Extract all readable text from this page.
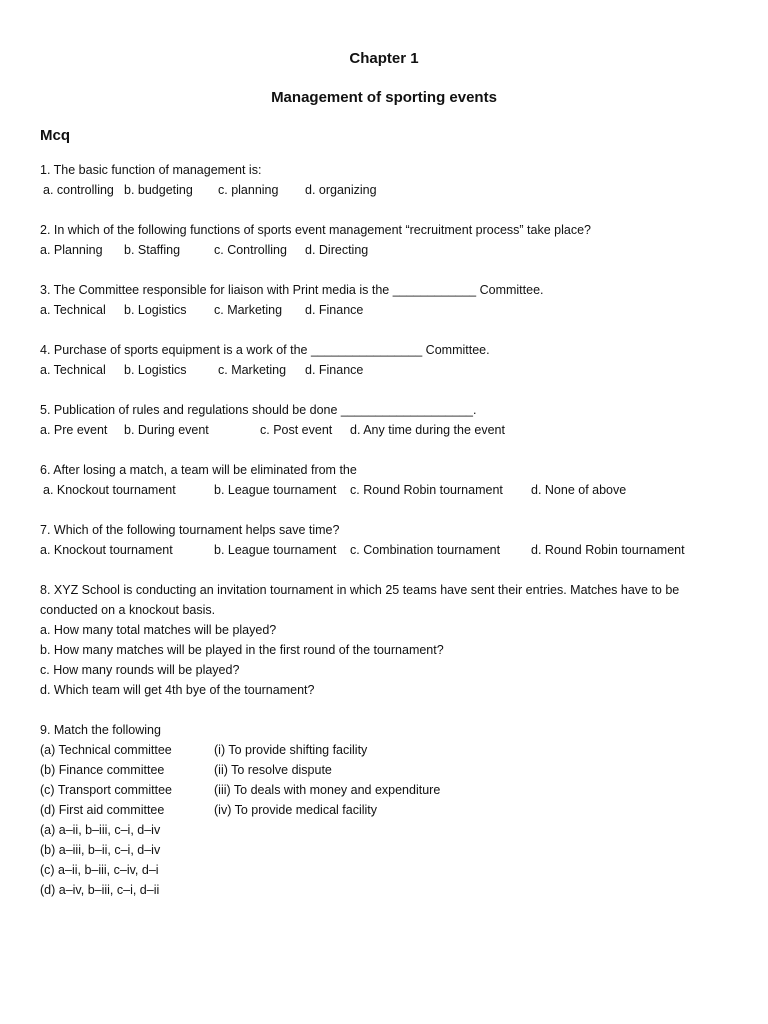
Chapter 1
Management of sporting events
Mcq
1. The basic function of management is:
a. controlling b. budgeting c. planning d. organizing
2. In which of the following functions of sports event management “recruitment process” take place?
a. Planning b. Staffing	c. Controlling d. Directing
3. The Committee responsible for liaison with Print media is the ____________ Committee.
a. Technical b. Logistics c. Marketing d. Finance
4. Purchase of sports equipment is a work of the ________________ Committee.
a. Technical b. Logistics	c. Marketing d. Finance
5. Publication of rules and regulations should be done ___________________.
a. Pre event b. During event	c. Post event d. Any time during the event
6. After losing a match, a team will be eliminated from the
a. Knockout tournament	b. League tournament c. Round Robin tournament d. None of above
7. Which of the following tournament helps save time?
a. Knockout tournament	b. League tournament c. Combination tournament d. Round Robin tournament
8. XYZ School is conducting an invitation tournament in which 25 teams have sent their entries. Matches have to be
conducted on a knockout basis.
a. How many total matches will be played?
b. How many matches will be played in the first round of the tournament?
c. How many rounds will be played?
d. Which team will get 4th bye of the tournament?
9. Match the following
(a) Technical committee	(i) To provide shifting facility
(b) Finance committee	(ii) To resolve dispute
(c) Transport committee	(iii) To deals with money and expenditure
(d) First aid committee	(iv) To provide medical facility
(a) a–ii, b–iii, c–i, d–iv
(b) a–iii, b–ii, c–i, d–iv
(c) a–ii, b–iii, c–iv, d–i
(d) a–iv, b–iii, c–i, d–ii
